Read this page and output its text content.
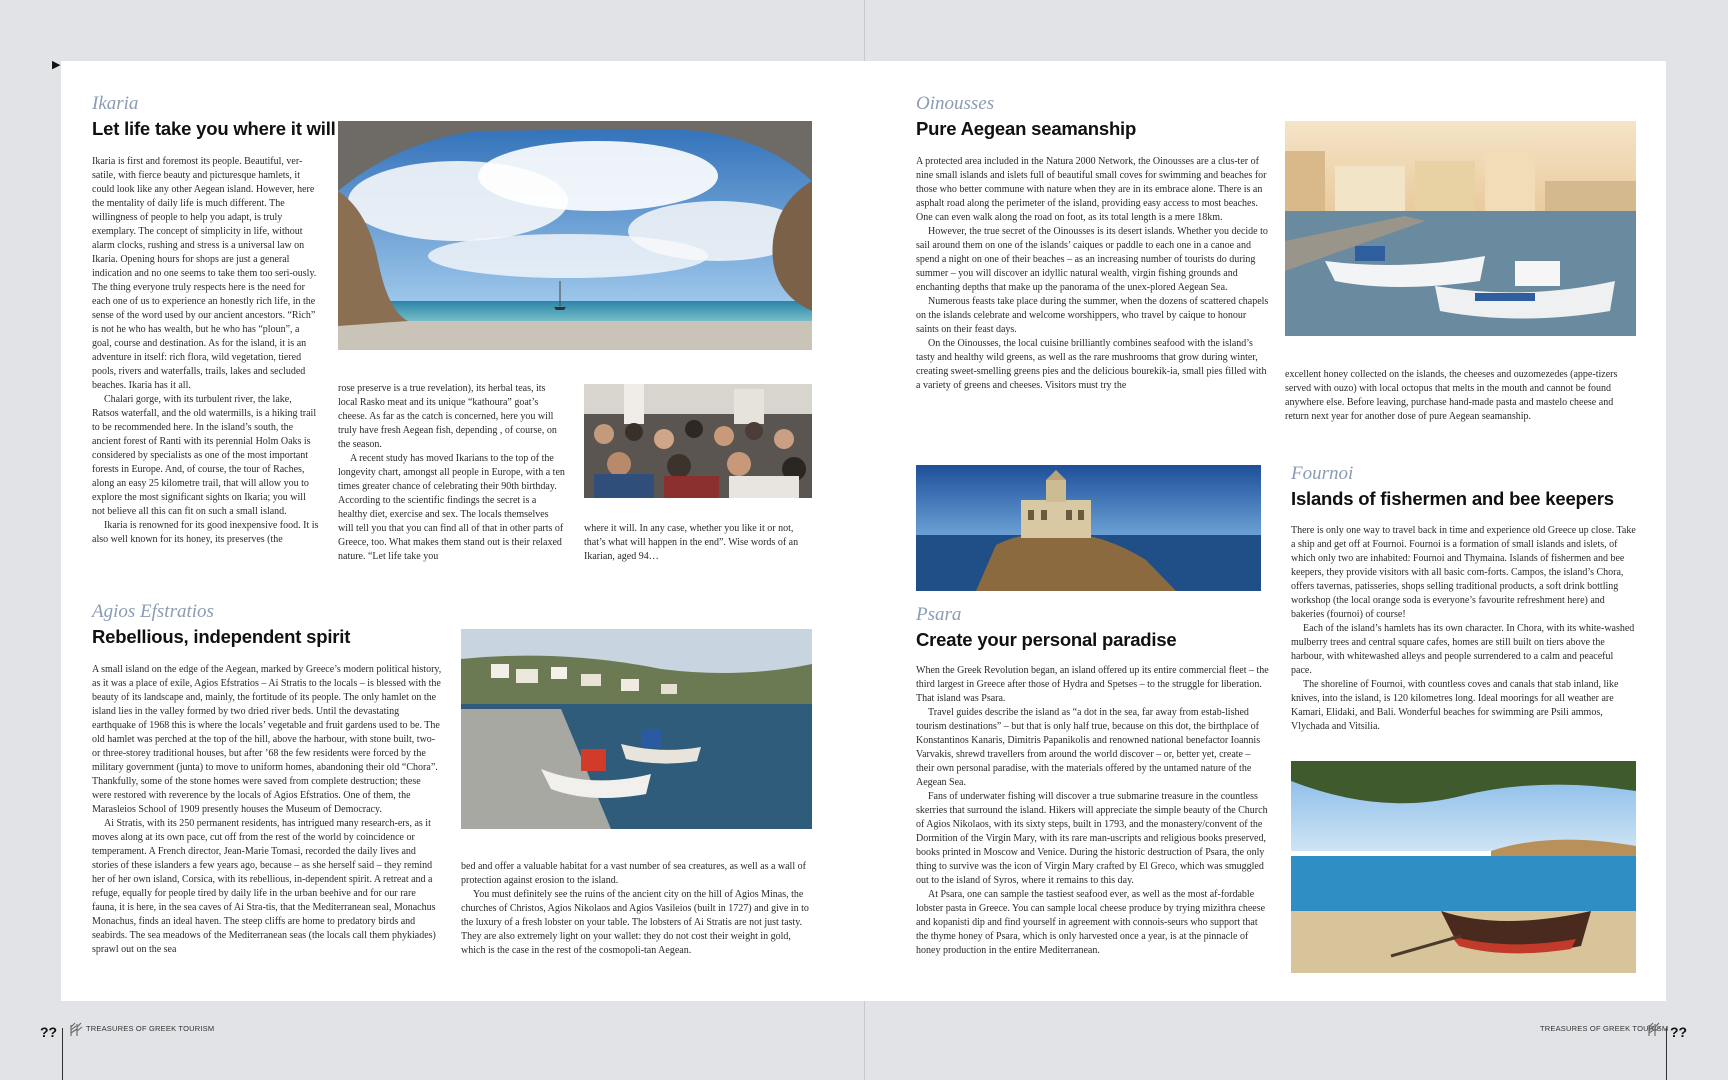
▶
Ikaria
Let life take you where it will

Ikaria is first and foremost its people. Beautiful, ver-satile, with fierce beauty and picturesque hamlets, it could look like any other Aegean island. However, here the mentality of daily life is much different. The willingness of people to help you adapt, is truly exemplary. The concept of simplicity in life, without alarm clocks, rushing and stress is a universal law on Ikaria. Opening hours for shops are just a general indication and no one seems to take them too seri-ously. The thing everyone truly respects here is the need for each one of us to experience an honestly rich life, in the sense of the word used by our ancient ancestors. “Rich” is not he who has wealth, but he who has “ploun”, a goal, course and destination. As for the island, it is an adventure in itself: rich flora, wild vegetation, tiered pools, rivers and waterfalls, trails, lakes and secluded beaches. Ikaria has it all.

Chalari gorge, with its turbulent river, the lake, Ratsos waterfall, and the old watermills, is a hiking trail to be recommended here. In the island’s south, the ancient forest of Ranti with its perennial Holm Oaks is considered by specialists as one of the most important forests in Europe. And, of course, the tour of Raches, along an easy 25 kilometre trail, that will allow you to explore the most significant sights on Ikaria; you will not believe all this can fit on such a small island.

Ikaria is renowned for its good inexpensive food. It is also well known for its honey, its preserves (the

rose preserve is a true revelation), its herbal teas, its local Rasko meat and its unique “kathoura” goat’s cheese. As far as the catch is concerned, here you will truly have fresh Aegean fish, depending , of course, on the season.

A recent study has moved Ikarians to the top of the longevity chart, amongst all people in Europe, with a ten times greater chance of celebrating their 90th birthday. According to the scientific findings the secret is a healthy diet, exercise and sex. The locals themselves will tell you that you can find all of that in other parts of Greece, too. What makes them stand out is their relaxed nature. “Let life take you

where it will. In any case, whether you like it or not, that’s what will happen in the end”. Wise words of an Ikarian, aged 94…

Agios Efstratios
Rebellious, independent spirit

A small island on the edge of the Aegean, marked by Greece’s modern political history, as it was a place of exile, Agios Efstratios – Ai Stratis to the locals – is blessed with the beauty of its landscape and, mainly, the fortitude of its people. The only hamlet on the island lies in the valley formed by two dried river beds. Until the devastating earthquake of 1968 this is where the locals’ vegetable and fruit gardens used to be. The old hamlet was perched at the top of the hill, above the harbour, with stone built, two- or three-storey traditional houses, but after ’68 the few residents were forced by the military government (junta) to move to uniform homes, abandoning their old “Chora”. Thankfully, some of the stone homes were saved from complete destruction; these were restored with reverence by the locals of Agios Efstratios. One of them, the Marasleios School of 1909 presently houses the Museum of Democracy.

Ai Stratis, with its 250 permanent residents, has intrigued many research-ers, as it moves along at its own pace, cut off from the rest of the world by coincidence or temperament. A French director, Jean-Marie Tomasi, recorded the daily lives and stories of these islanders a few years ago, because – as she herself said – they remind her of her own island, Corsica, with its rebellious, in-dependent spirit. A retreat and a refuge, equally for people tired by daily life in the urban beehive and for our rare fauna, it is here, in the sea caves of Ai Stra-tis, that the Mediterranean seal, Monachus Monachus, finds an ideal haven. The steep cliffs are home to predatory birds and seabirds. The sea meadows of the Mediterranean seas (the locals call them phykiades) sprawl out on the sea

bed and offer a valuable habitat for a vast number of sea creatures, as well as a wall of protection against erosion to the island.

You must definitely see the ruins of the ancient city on the hill of Agios Minas, the churches of Christos, Agios Nikolaos and Agios Vasileios (built in 1727) and give in to the luxury of a fresh lobster on your table. The lobsters of Ai Stratis are not just tasty. They are also extremely light on your wallet: they do not cost their weight in gold, which is the case in the rest of the cosmopoli-tan Aegean.

Oinousses
Pure Aegean seamanship

A protected area included in the Natura 2000 Network, the Oinousses are a clus-ter of nine small islands and islets full of beautiful small coves for swimming and beaches for those who better commune with nature when they are in its embrace alone. There is an asphalt road along the perimeter of the island, providing easy access to most beaches. One can even walk along the road on foot, as its total length is a mere 18km.

However, the true secret of the Oinousses is its desert islands. Whether you decide to sail around them on one of the islands’ caiques or paddle to each one in a canoe and spend a night on one of their beaches – as an increasing number of tourists do during summer – you will discover an idyllic natural wealth, virgin fishing grounds and enchanting depths that make up the panorama of the unex-plored Aegean Sea.

Numerous feasts take place during the summer, when the dozens of scattered chapels on the islands celebrate and welcome worshippers, who travel by caique to honour saints on their feast days.

On the Oinousses, the local cuisine brilliantly combines seafood with the island’s tasty and healthy wild greens, as well as the rare mushrooms that grow during winter, creating sweet-smelling greens pies and the delicious bourekik-ia, small pies filled with a variety of greens and cheeses. Visitors must try the

excellent honey collected on the islands, the cheeses and ouzomezedes (appe-tizers served with ouzo) with local octopus that melts in the mouth and cannot be found anywhere else. Before leaving, purchase hand-made pasta and mastelo cheese and return next year for another dose of pure Aegean seamanship.

Psara
Create your personal paradise

When the Greek Revolution began, an island offered up its entire commercial fleet – the third largest in Greece after those of Hydra and Spetses – to the struggle for liberation. That island was Psara.

Travel guides describe the island as “a dot in the sea, far away from estab-lished tourism destinations” – but that is only half true, because on this dot, the birthplace of Konstantinos Kanaris, Dimitris Papanikolis and renowned national benefactor Ioannis Varvakis, shrewd travellers from around the world discover – or, better yet, create – their own personal paradise, with the materials offered by the untamed nature of the Aegean Sea.

Fans of underwater fishing will discover a true submarine treasure in the countless skerries that surround the island. Hikers will appreciate the simple beauty of the Church of Agios Nikolaos, with its sixty steps, built in 1793, and the monastery/convent of the Dormition of the Virgin Mary, with its rare man-uscripts and religious books preserved, books printed in Moscow and Venice. During the historic destruction of Psara, the only thing to survive was the icon of Virgin Mary crafted by El Greco, which was smuggled out to the island of Syros, where it remains to this day.

At Psara, one can sample the tastiest seafood ever, as well as the most af-fordable lobster pasta in Greece. You can sample local cheese produce by trying mizithra cheese and kopanisti dip and find yourself in agreement with connois-seurs who support that the thyme honey of Psara, which is only harvested once a year, is at the pinnacle of honey production in the entire Mediterranean.

Fournoi
Islands of fishermen and bee keepers

There is only one way to travel back in time and experience old Greece up close. Take a ship and get off at Fournoi. Fournoi is a formation of small islands and islets, of which only two are inhabited: Fournoi and Thymaina. Islands of fishermen and bee keepers, they provide visitors with all basic com-forts. Campos, the island’s Chora, offers tavernas, patisseries, shops selling traditional products, a soft drink bottling workshop (the local orange soda is everyone’s favourite refreshment here) and bakeries (fournoi) of course!

Each of the island’s hamlets has its own character. In Chora, with its white-washed mulberry trees and central square cafes, homes are still built on tiers above the harbour, with whitewashed alleys and people surrendered to a calm and peaceful pace.

The shoreline of Fournoi, with countless coves and canals that stab inland, like knives, into the island, is 120 kilometres long. Ideal moorings for all weather are Kamari, Elidaki, and Bali. Wonderful beaches for swimming are Psili ammos, Vlychada and Vitsilia.

??	TREASURES OF GREEK TOURISM	TREASURES OF GREEK TOURISM ??
